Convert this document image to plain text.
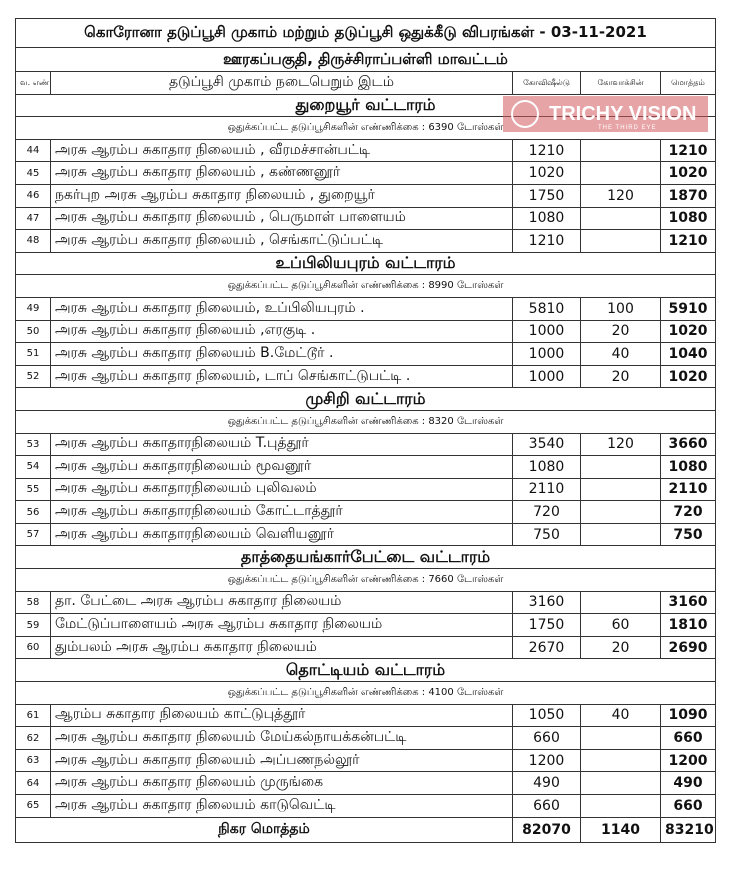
கொரோனா தடுப்பூசி முகாம் மற்றும் தடுப்பூசி ஒதுக்கீடு விபரங்கள் - 03-11-2021				
ஊரகப்பகுதி, திருச்சிராப்பள்ளி மாவட்டம்				
வ. எண்	தடுப்பூசி முகாம் நடைபெறும் இடம்	கோவிஷீல்டு	கோவாக்சின்	மொத்தம்
துறையூர் வட்டாரம்				
ஒதுக்கப்பட்ட தடுப்பூசிகளின் எண்ணிக்கை : 6390 டோஸ்கள்				
44	அரசு ஆரம்ப சுகாதார நிலையம் , வீரமச்சான்பட்டி	1210		1210
45	அரசு ஆரம்ப சுகாதார நிலையம் , கண்ணனூர்	1020		1020
46	நகர்புற அரசு ஆரம்ப சுகாதார நிலையம் , துறையூர்	1750	120	1870
47	அரசு ஆரம்ப சுகாதார நிலையம் , பெருமாள் பாளையம்	1080		1080
48	அரசு ஆரம்ப சுகாதார நிலையம் , செங்காட்டுப்பட்டி	1210		1210
உப்பிலியபுரம் வட்டாரம்				
ஒதுக்கப்பட்ட தடுப்பூசிகளின் எண்ணிக்கை : 8990 டோஸ்கள்				
49	அரசு ஆரம்ப சுகாதார நிலையம், உப்பிலியபுரம் .	5810	100	5910
50	அரசு ஆரம்ப சுகாதார நிலையம் ,எரகுடி .	1000	20	1020
51	அரசு ஆரம்ப சுகாதார நிலையம் B.மேட்டூர் .	1000	40	1040
52	அரசு ஆரம்ப சுகாதார நிலையம், டாப் செங்காட்டுபட்டி .	1000	20	1020
முசிறி வட்டாரம்				
ஒதுக்கப்பட்ட தடுப்பூசிகளின் எண்ணிக்கை : 8320 டோஸ்கள்				
53	அரசு ஆரம்ப சுகாதாரநிலையம் T.புத்தூர்	3540	120	3660
54	அரசு ஆரம்ப சுகாதாரநிலையம் மூவனூர்	1080		1080
55	அரசு ஆரம்ப சுகாதாரநிலையம் புலிவலம்	2110		2110
56	அரசு ஆரம்ப சுகாதாரநிலையம் கோட்டாத்தூர்	720		720
57	அரசு ஆரம்ப சுகாதாரநிலையம் வெளியனூர்	750		750
தாத்தையங்கார்பேட்டை வட்டாரம்				
ஒதுக்கப்பட்ட தடுப்பூசிகளின் எண்ணிக்கை : 7660 டோஸ்கள்				
58	தா. பேட்டை அரசு ஆரம்ப சுகாதார நிலையம்	3160		3160
59	மேட்டுப்பாளையம் அரசு ஆரம்ப சுகாதார நிலையம்	1750	60	1810
60	தும்பலம் அரசு ஆரம்ப சுகாதார நிலையம்	2670	20	2690
தொட்டியம் வட்டாரம்				
ஒதுக்கப்பட்ட தடுப்பூசிகளின் எண்ணிக்கை : 4100 டோஸ்கள்				
61	ஆரம்ப சுகாதார நிலையம் காட்டுபுத்தூர்	1050	40	1090
62	அரசு ஆரம்ப சுகாதார நிலையம் மேய்கல்நாயக்கன்பட்டி	660		660
63	அரசு ஆரம்ப சுகாதார நிலையம் அப்பணநல்லூர்	1200		1200
64	அரசு ஆரம்ப சுகாதார நிலையம் முருங்கை	490		490
65	அரசு ஆரம்ப சுகாதார நிலையம் காடுவெட்டி	660		660
நிகர மொத்தம்		82070	1140	83210
TRICHY VISION
THE THIRD EYE
